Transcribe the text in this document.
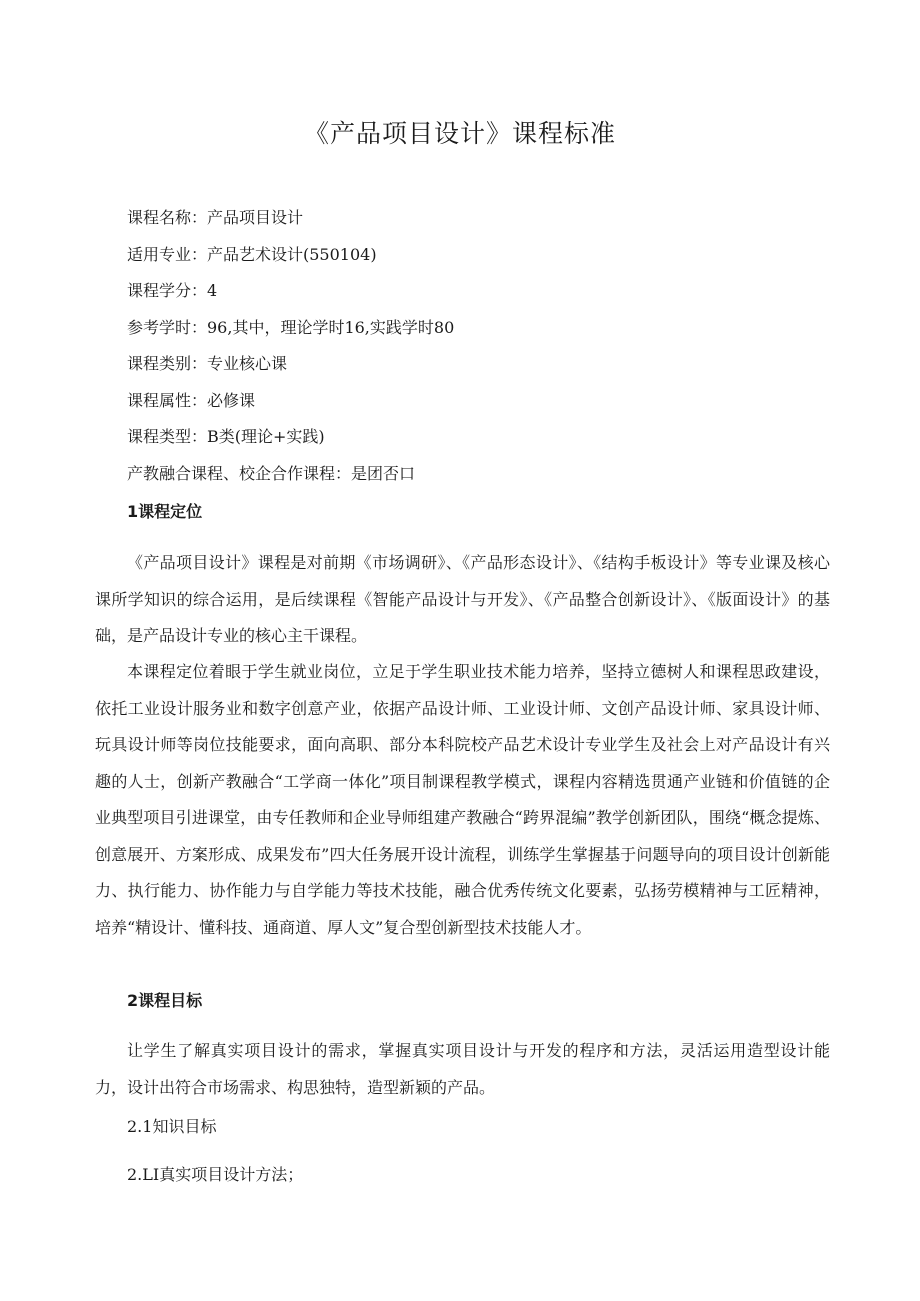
《产品项目设计》课程标准
课程名称：产品项目设计
适用专业：产品艺术设计(550104)
课程学分：4
参考学时：96,其中，理论学时16,实践学时80
课程类别：专业核心课
课程属性：必修课
课程类型：B类(理论+实践)
产教融合课程、校企合作课程：是团否口
1课程定位

《产品项目设计》课程是对前期《市场调研》、《产品形态设计》、《结构手板设计》等专业课及核心课所学知识的综合运用，是后续课程《智能产品设计与开发》、《产品整合创新设计》、《版面设计》的基础，是产品设计专业的核心主干课程。

本课程定位着眼于学生就业岗位，立足于学生职业技术能力培养，坚持立德树人和课程思政建设，依托工业设计服务业和数字创意产业，依据产品设计师、工业设计师、文创产品设计师、家具设计师、玩具设计师等岗位技能要求，面向高职、部分本科院校产品艺术设计专业学生及社会上对产品设计有兴趣的人士，创新产教融合“工学商一体化”项目制课程教学模式，课程内容精选贯通产业链和价值链的企业典型项目引进课堂，由专任教师和企业导师组建产教融合“跨界混编”教学创新团队，围绕“概念提炼、创意展开、方案形成、成果发布”四大任务展开设计流程，训练学生掌握基于问题导向的项目设计创新能力、执行能力、协作能力与自学能力等技术技能，融合优秀传统文化要素，弘扬劳模精神与工匠精神，培养“精设计、懂科技、通商道、厚人文”复合型创新型技术技能人才。

2课程目标

让学生了解真实项目设计的需求，掌握真实项目设计与开发的程序和方法，灵活运用造型设计能力，设计出符合市场需求、构思独特，造型新颖的产品。

2.1知识目标
2.LI真实项目设计方法；
